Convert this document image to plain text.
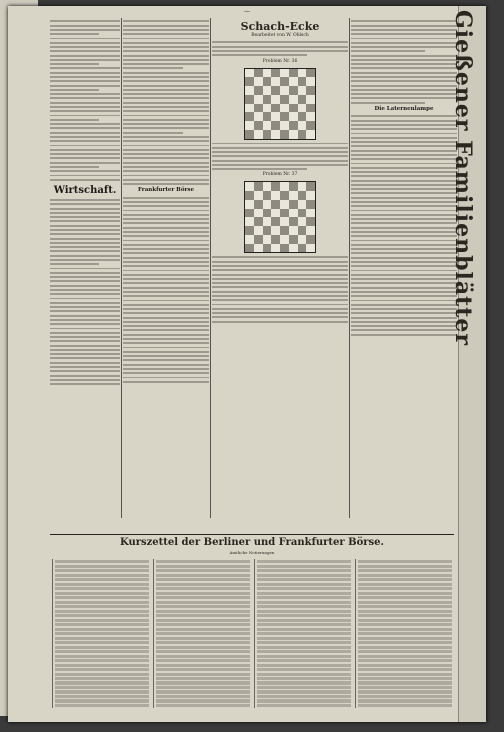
—
Wirtschaft.	Frankfurter Börse
Schach-Ecke
Bearbeitet von W. Ohlsch
Problem Nr. 36
Problem Nr. 37
Die Laternenlampe
Kurszettel der Berliner und Frankfurter Börse.
Amtliche Notierungen
Gießener
